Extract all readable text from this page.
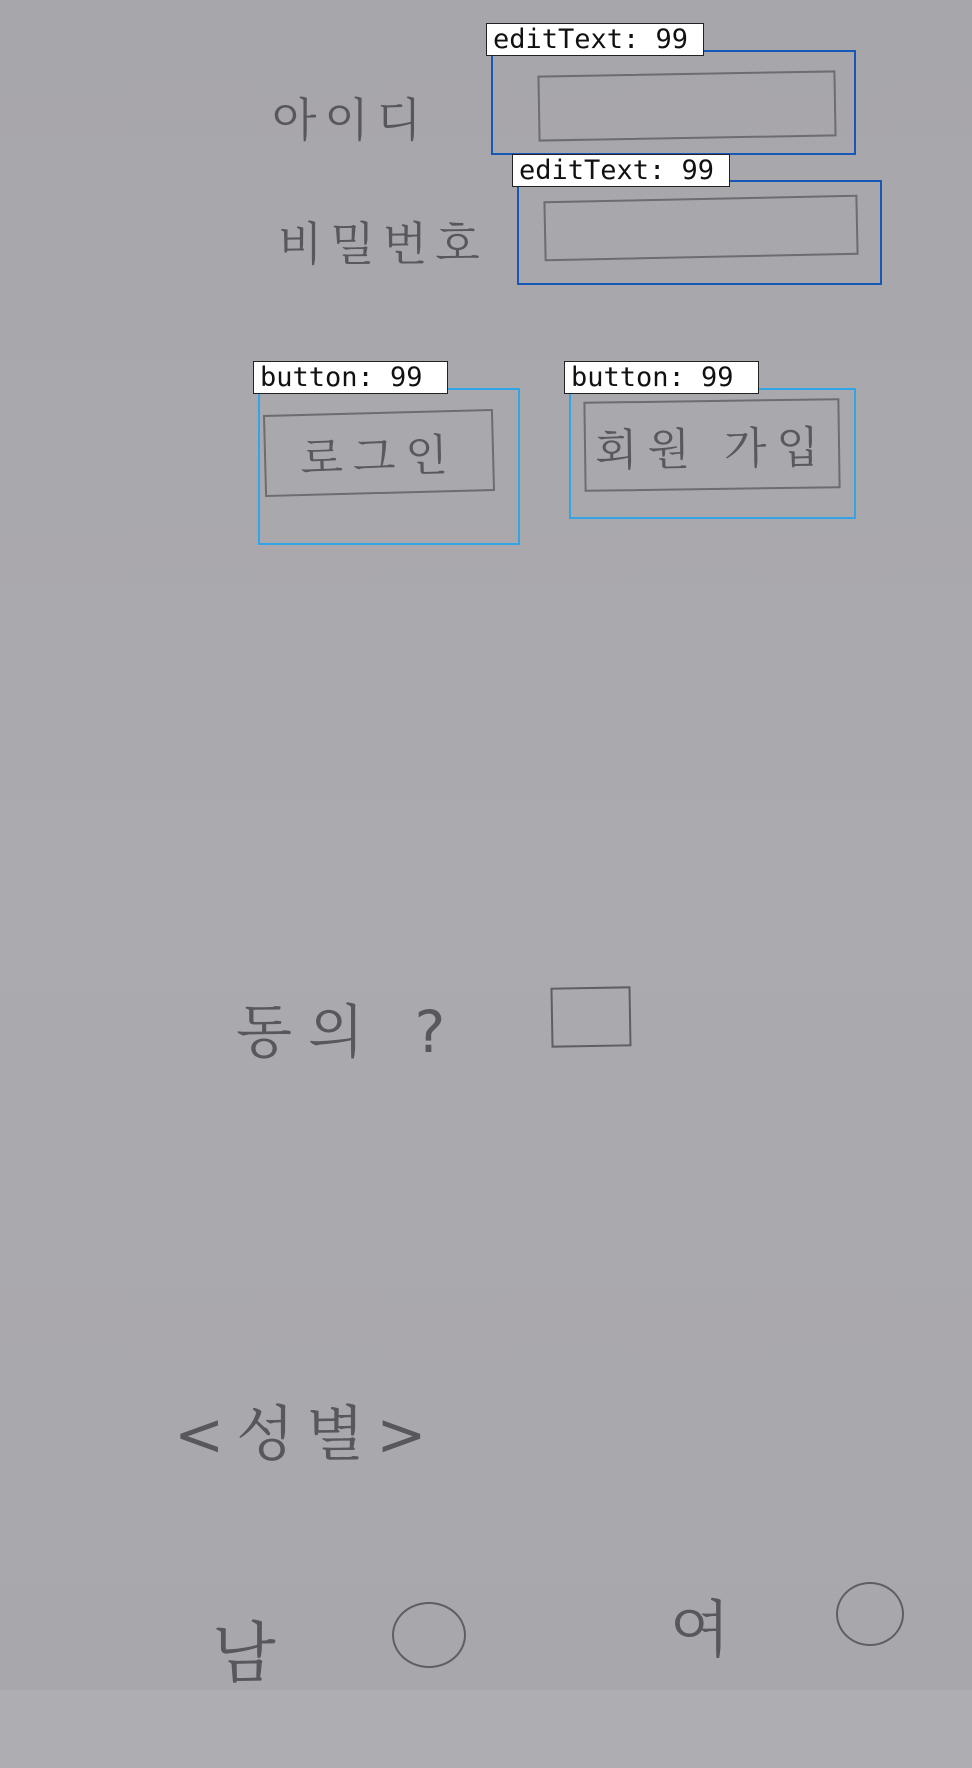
아이디
editText: 99
비밀번호
editText: 99
로그인
button: 99
회원 가입
button: 99
동의 ?
<성별>
남	여
